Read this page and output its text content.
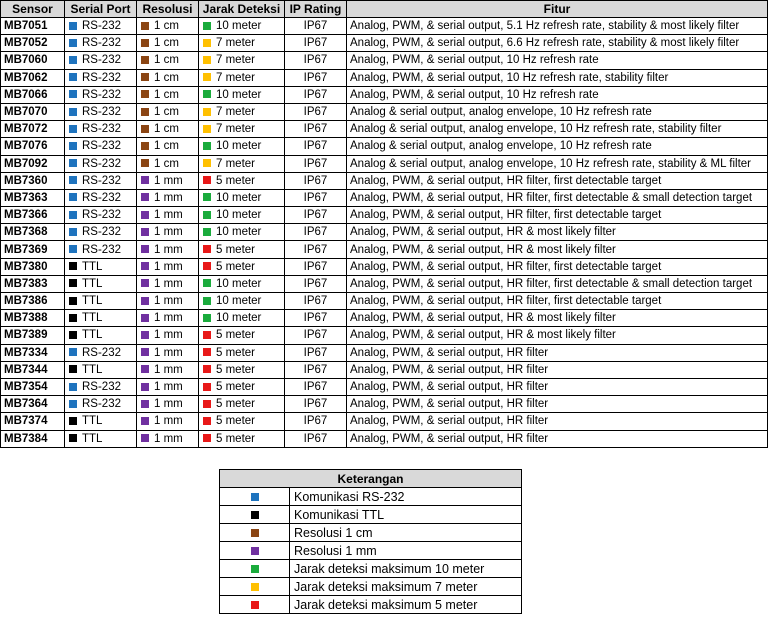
Sensor	Serial Port	Resolusi	Jarak Deteksi	IP Rating	Fitur
MB7051	RS-232	1 cm	10 meter	IP67	Analog, PWM, & serial output, 5.1 Hz refresh rate, stability & most likely filter
MB7052	RS-232	1 cm	7 meter	IP67	Analog, PWM, & serial output, 6.6 Hz refresh rate, stability & most likely filter
MB7060	RS-232	1 cm	7 meter	IP67	Analog, PWM, & serial output, 10 Hz refresh rate
MB7062	RS-232	1 cm	7 meter	IP67	Analog, PWM, & serial output, 10 Hz refresh rate, stability filter
MB7066	RS-232	1 cm	10 meter	IP67	Analog, PWM, & serial output, 10 Hz refresh rate
MB7070	RS-232	1 cm	7 meter	IP67	Analog & serial output, analog envelope, 10 Hz refresh rate
MB7072	RS-232	1 cm	7 meter	IP67	Analog & serial output, analog envelope, 10 Hz refresh rate, stability filter
MB7076	RS-232	1 cm	10 meter	IP67	Analog & serial output, analog envelope, 10 Hz refresh rate
MB7092	RS-232	1 cm	7 meter	IP67	Analog & serial output, analog envelope, 10 Hz refresh rate, stability & ML filter
MB7360	RS-232	1 mm	5 meter	IP67	Analog, PWM, & serial output, HR filter, first detectable target
MB7363	RS-232	1 mm	10 meter	IP67	Analog, PWM, & serial output, HR filter, first detectable & small detection target
MB7366	RS-232	1 mm	10 meter	IP67	Analog, PWM, & serial output, HR filter, first detectable target
MB7368	RS-232	1 mm	10 meter	IP67	Analog, PWM, & serial output, HR & most likely filter
MB7369	RS-232	1 mm	5 meter	IP67	Analog, PWM, & serial output, HR & most likely filter
MB7380	TTL	1 mm	5 meter	IP67	Analog, PWM, & serial output, HR filter, first detectable target
MB7383	TTL	1 mm	10 meter	IP67	Analog, PWM, & serial output, HR filter, first detectable & small detection target
MB7386	TTL	1 mm	10 meter	IP67	Analog, PWM, & serial output, HR filter, first detectable target
MB7388	TTL	1 mm	10 meter	IP67	Analog, PWM, & serial output, HR & most likely filter
MB7389	TTL	1 mm	5 meter	IP67	Analog, PWM, & serial output, HR & most likely filter
MB7334	RS-232	1 mm	5 meter	IP67	Analog, PWM, & serial output, HR filter
MB7344	TTL	1 mm	5 meter	IP67	Analog, PWM, & serial output, HR filter
MB7354	RS-232	1 mm	5 meter	IP67	Analog, PWM, & serial output, HR filter
MB7364	RS-232	1 mm	5 meter	IP67	Analog, PWM, & serial output, HR filter
MB7374	TTL	1 mm	5 meter	IP67	Analog, PWM, & serial output, HR filter
MB7384	TTL	1 mm	5 meter	IP67	Analog, PWM, & serial output, HR filter
Keterangan	

	Komunikasi RS-232

	Komunikasi TTL

	Resolusi 1 cm

	Resolusi 1 mm

	Jarak deteksi maksimum 10 meter

	Jarak deteksi maksimum 7 meter

	Jarak deteksi maksimum 5 meter
